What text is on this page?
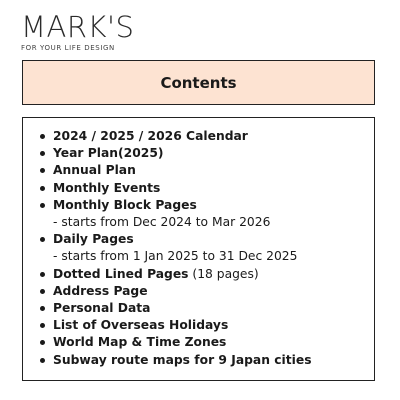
MARK'S
FOR YOUR LIFE DESIGN
Contents
2024 / 2025 / 2026 Calendar
Year Plan(2025)
Annual Plan
Monthly Events
Monthly Block Pages
- starts from Dec 2024 to Mar 2026
Daily Pages
- starts from 1 Jan 2025 to 31 Dec 2025
Dotted Lined Pages (18 pages)
Address Page
Personal Data
List of Overseas Holidays
World Map & Time Zones
Subway route maps for 9 Japan cities
